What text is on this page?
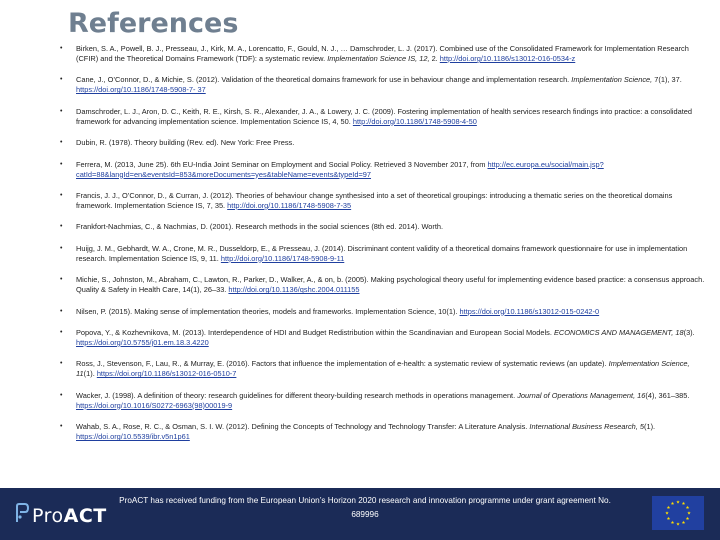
References
• Birken, S. A., Powell, B. J., Presseau, J., Kirk, M. A., Lorencatto, F., Gould, N. J., … Damschroder, L. J. (2017). Combined use of the Consolidated Framework for Implementation Research (CFIR) and the Theoretical Domains Framework (TDF): a systematic review. Implementation Science IS, 12, 2. http://doi.org/10.1186/s13012-016-0534-z
• Cane, J., O’Connor, D., & Michie, S. (2012). Validation of the theoretical domains framework for use in behaviour change and implementation research. Implementation Science, 7(1), 37. https://doi.org/10.1186/1748-5908-7- 37
• Damschroder, L. J., Aron, D. C., Keith, R. E., Kirsh, S. R., Alexander, J. A., & Lowery, J. C. (2009). Fostering implementation of health services research findings into practice: a consolidated framework for advancing implementation science. Implementation Science IS, 4, 50. http://doi.org/10.1186/1748-5908-4-50
• Dubin, R. (1978). Theory building (Rev. ed). New York: Free Press.
• Ferrera, M. (2013, June 25). 6th EU-India Joint Seminar on Employment and Social Policy. Retrieved 3 November 2017, from http://ec.europa.eu/social/main.jsp?catId=88&langId=en&eventsId=853&moreDocuments=yes&tableName=events&typeId=97
• Francis, J. J., O’Connor, D., & Curran, J. (2012). Theories of behaviour change synthesised into a set of theoretical groupings: introducing a thematic series on the theoretical domains framework. Implementation Science IS, 7, 35. http://doi.org/10.1186/1748-5908-7-35
• Frankfort-Nachmias, C., & Nachmias, D. (2001). Research methods in the social sciences (8th ed. 2014). Worth.
• Huijg, J. M., Gebhardt, W. A., Crone, M. R., Dusseldorp, E., & Presseau, J. (2014). Discriminant content validity of a theoretical domains framework questionnaire for use in implementation research. Implementation Science IS, 9, 11. http://doi.org/10.1186/1748-5908-9-11
• Michie, S., Johnston, M., Abraham, C., Lawton, R., Parker, D., Walker, A., & on, b. (2005). Making psychological theory useful for implementing evidence based practice: a consensus approach. Quality & Safety in Health Care, 14(1), 26–33. http://doi.org/10.1136/qshc.2004.011155
• Nilsen, P. (2015). Making sense of implementation theories, models and frameworks. Implementation Science, 10(1). https://doi.org/10.1186/s13012-015-0242-0
• Popova, Y., & Kozhevnikova, M. (2013). Interdependence of HDI and Budget Redistribution within the Scandinavian and European Social Models. ECONOMICS AND MANAGEMENT, 18(3). https://doi.org/10.5755/j01.em.18.3.4220
• Ross, J., Stevenson, F., Lau, R., & Murray, E. (2016). Factors that influence the implementation of e-health: a systematic review of systematic reviews (an update). Implementation Science, 11(1). https://doi.org/10.1186/s13012-016-0510-7
• Wacker, J. (1998). A definition of theory: research guidelines for different theory-building research methods in operations management. Journal of Operations Management, 16(4), 361–385. https://doi.org/10.1016/S0272-6963(98)00019-9
• Wahab, S. A., Rose, R. C., & Osman, S. I. W. (2012). Defining the Concepts of Technology and Technology Transfer: A Literature Analysis. International Business Research, 5(1). https://doi.org/10.5539/ibr.v5n1p61
ProACT
ProACT has received funding from the European Union’s Horizon 2020 research and innovation programme under grant agreement No. 689996
